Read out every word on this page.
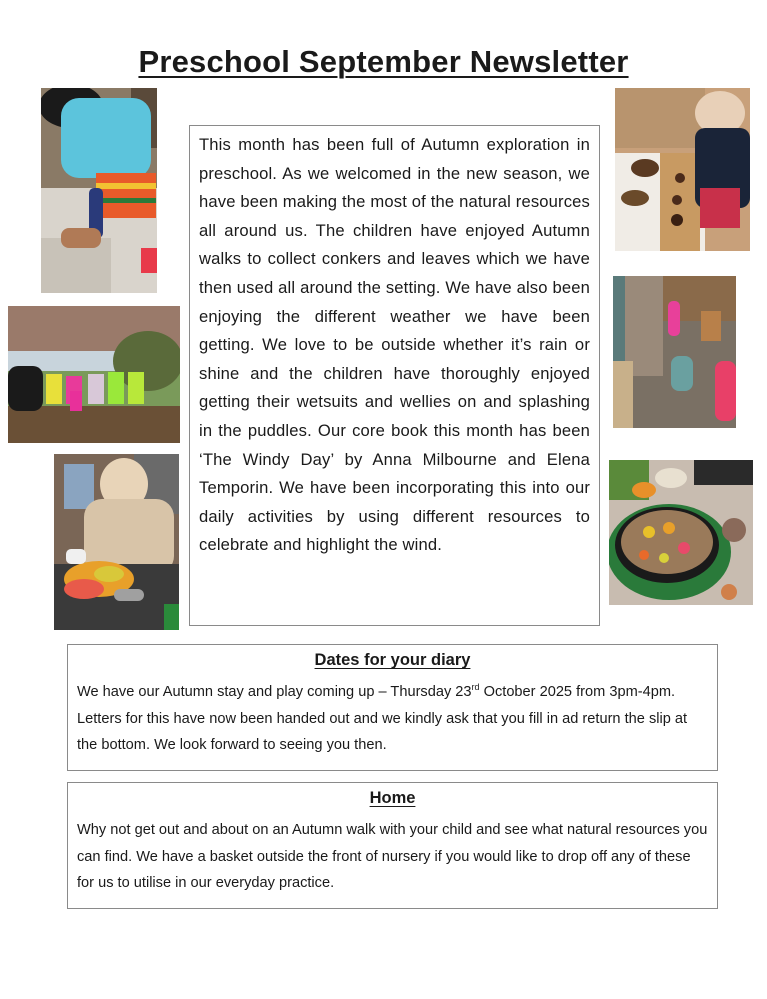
Preschool September Newsletter

This month has been full of Autumn exploration in preschool. As we welcomed in the new season, we have been making the most of the natural resources all around us. The children have enjoyed Autumn walks to collect conkers and leaves which we have then used all around the setting. We have also been enjoying the different weather we have been getting. We love to be outside whether it’s rain or shine and the children have thoroughly enjoyed getting their wetsuits and wellies on and splashing in the puddles. Our core book this month has been ‘The Windy Day’ by Anna Milbourne and Elena Temporin. We have been incorporating this into our daily activities by using different resources to celebrate and highlight the wind.

Dates for your diary

We have our Autumn stay and play coming up – Thursday 23rd October 2025 from 3pm-4pm. Letters for this have now been handed out and we kindly ask that you fill in ad return the slip at the bottom. We look forward to seeing you then.

Home

Why not get out and about on an Autumn walk with your child and see what natural resources you can find. We have a basket outside the front of nursery if you would like to drop off any of these for us to utilise in our everyday practice.
